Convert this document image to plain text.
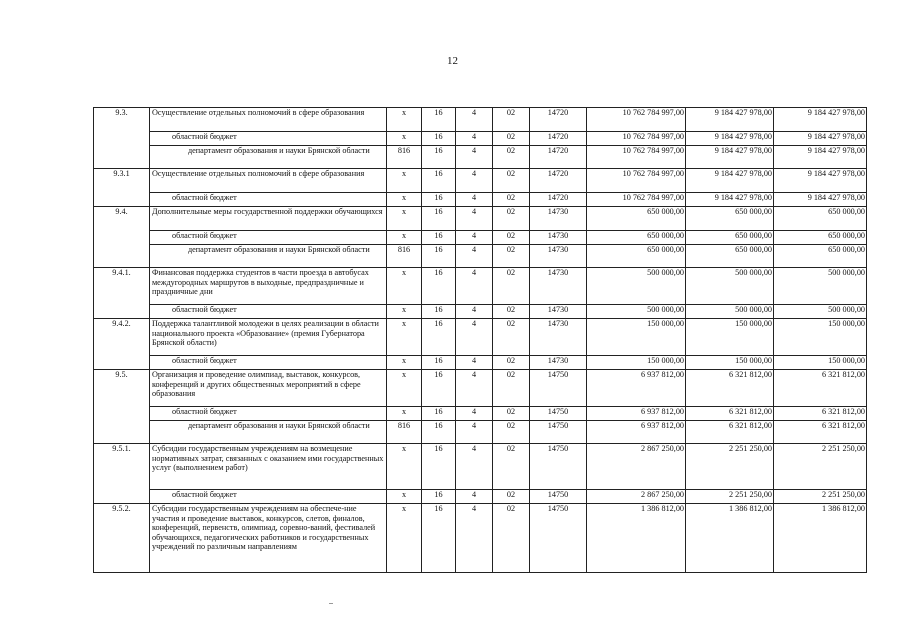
12
9.3.	Осуществление отдельных полномочий в сфере образования	х	16	4	02	14720	10 762 784 997,00	9 184 427 978,00	9 184 427 978,00
	областной бюджет	х	16	4	02	14720	10 762 784 997,00	9 184 427 978,00	9 184 427 978,00
	департамент образования и науки Брянской области	816	16	4	02	14720	10 762 784 997,00	9 184 427 978,00	9 184 427 978,00
9.3.1	Осуществление отдельных полномочий в сфере образования	х	16	4	02	14720	10 762 784 997,00	9 184 427 978,00	9 184 427 978,00
	областной бюджет	х	16	4	02	14720	10 762 784 997,00	9 184 427 978,00	9 184 427 978,00
9.4.	Дополнительные меры государственной поддержки обучающихся	х	16	4	02	14730	650 000,00	650 000,00	650 000,00
	областной бюджет	х	16	4	02	14730	650 000,00	650 000,00	650 000,00
	департамент образования и науки Брянской области	816	16	4	02	14730	650 000,00	650 000,00	650 000,00
9.4.1.	Финансовая поддержка студентов в части проезда в автобусах междугородных маршрутов в выходные, предпраздничные и праздничные дни	х	16	4	02	14730	500 000,00	500 000,00	500 000,00
	областной бюджет	х	16	4	02	14730	500 000,00	500 000,00	500 000,00
9.4.2.	Поддержка талантливой молодежи в целях реализации в области национального проекта «Образование» (премия Губернатора Брянской области)	х	16	4	02	14730	150 000,00	150 000,00	150 000,00
	областной бюджет	х	16	4	02	14730	150 000,00	150 000,00	150 000,00
9.5.	Организация и проведение олимпиад, выставок, конкурсов, конференций и других общественных мероприятий в сфере образования	х	16	4	02	14750	6 937 812,00	6 321 812,00	6 321 812,00
	областной бюджет	х	16	4	02	14750	6 937 812,00	6 321 812,00	6 321 812,00
	департамент образования и науки Брянской области	816	16	4	02	14750	6 937 812,00	6 321 812,00	6 321 812,00
9.5.1.	Субсидии государственным учреждениям на возмещение нормативных затрат, связанных с оказанием ими государственных услуг (выполнением работ)	х	16	4	02	14750	2 867 250,00	2 251 250,00	2 251 250,00
	областной бюджет	х	16	4	02	14750	2 867 250,00	2 251 250,00	2 251 250,00
9.5.2.	Субсидии государственным учреждениям на обеспече-ние участия и проведение выставок, конкурсов, слетов, финалов, конференций, первенств, олимпиад, соревно-ваний, фестивалей обучающихся, педагогических работников и государственных учреждений по различным направлениям	х	16	4	02	14750	1 386 812,00	1 386 812,00	1 386 812,00
